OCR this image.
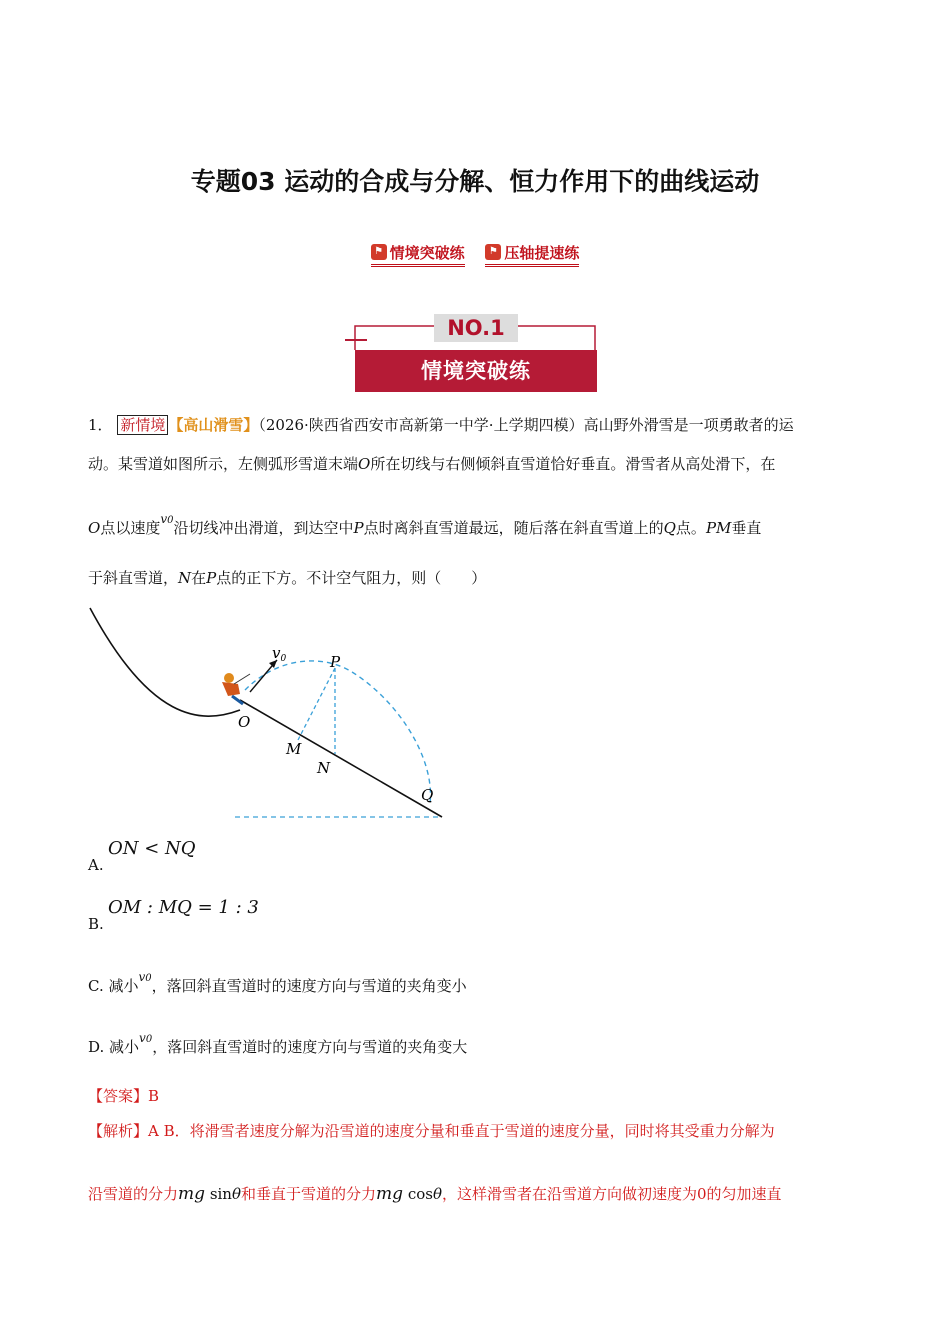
专题03 运动的合成与分解、恒力作用下的曲线运动
⚑ 情境突破练
	⚑ 压轴提速练
NO.1
情境突破练
1． 新情境 【高山滑雪】（2026·陕西省西安市高新第一中学·上学期四模）高山野外滑雪是一项勇敢者的运
动。某雪道如图所示，左侧弧形雪道末端O所在切线与右侧倾斜直雪道恰好垂直。滑雪者从高处滑下，在
O点以速度$^{v0}$沿切线冲出滑道，到达空中P点时离斜直雪道最远，随后落在斜直雪道上的Q点。PM垂直
于斜直雪道，N在P点的正下方。不计空气阻力，则（　　）
$v_0$	P
O
M
N
Q
ON < NQ
A.
OM : MQ = 1 : 3
B.
C. 减小$^{v0}$，落回斜直雪道时的速度方向与雪道的夹角变小
D. 减小$^{v0}$，落回斜直雪道时的速度方向与雪道的夹角变大
【答案】B
【解析】A B．将滑雪者速度分解为沿雪道的速度分量和垂直于雪道的速度分量，同时将其受重力分解为
沿雪道的分力mg sinθ和垂直于雪道的分力mg cosθ，这样滑雪者在沿雪道方向做初速度为0的匀加速直
